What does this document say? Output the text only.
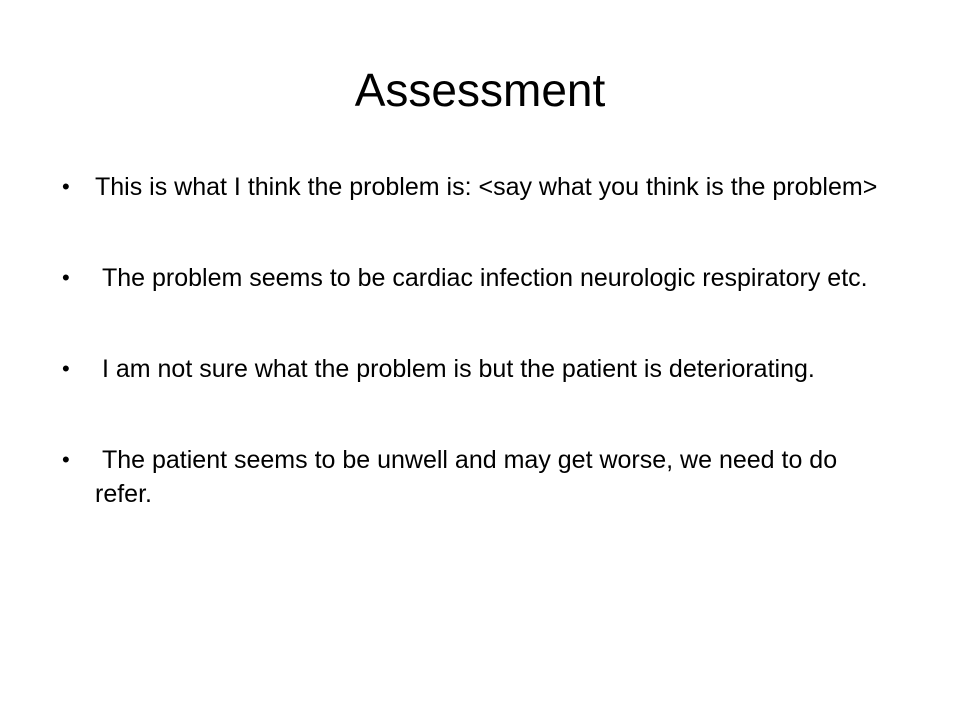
Assessment
•	This is what I think the problem is: <say what you think is the problem>
•	The problem seems to be cardiac infection neurologic respiratory etc.
•	I am not sure what the problem is but the patient is deteriorating.
•	The patient seems to be unwell and may get worse, we need to do refer.
